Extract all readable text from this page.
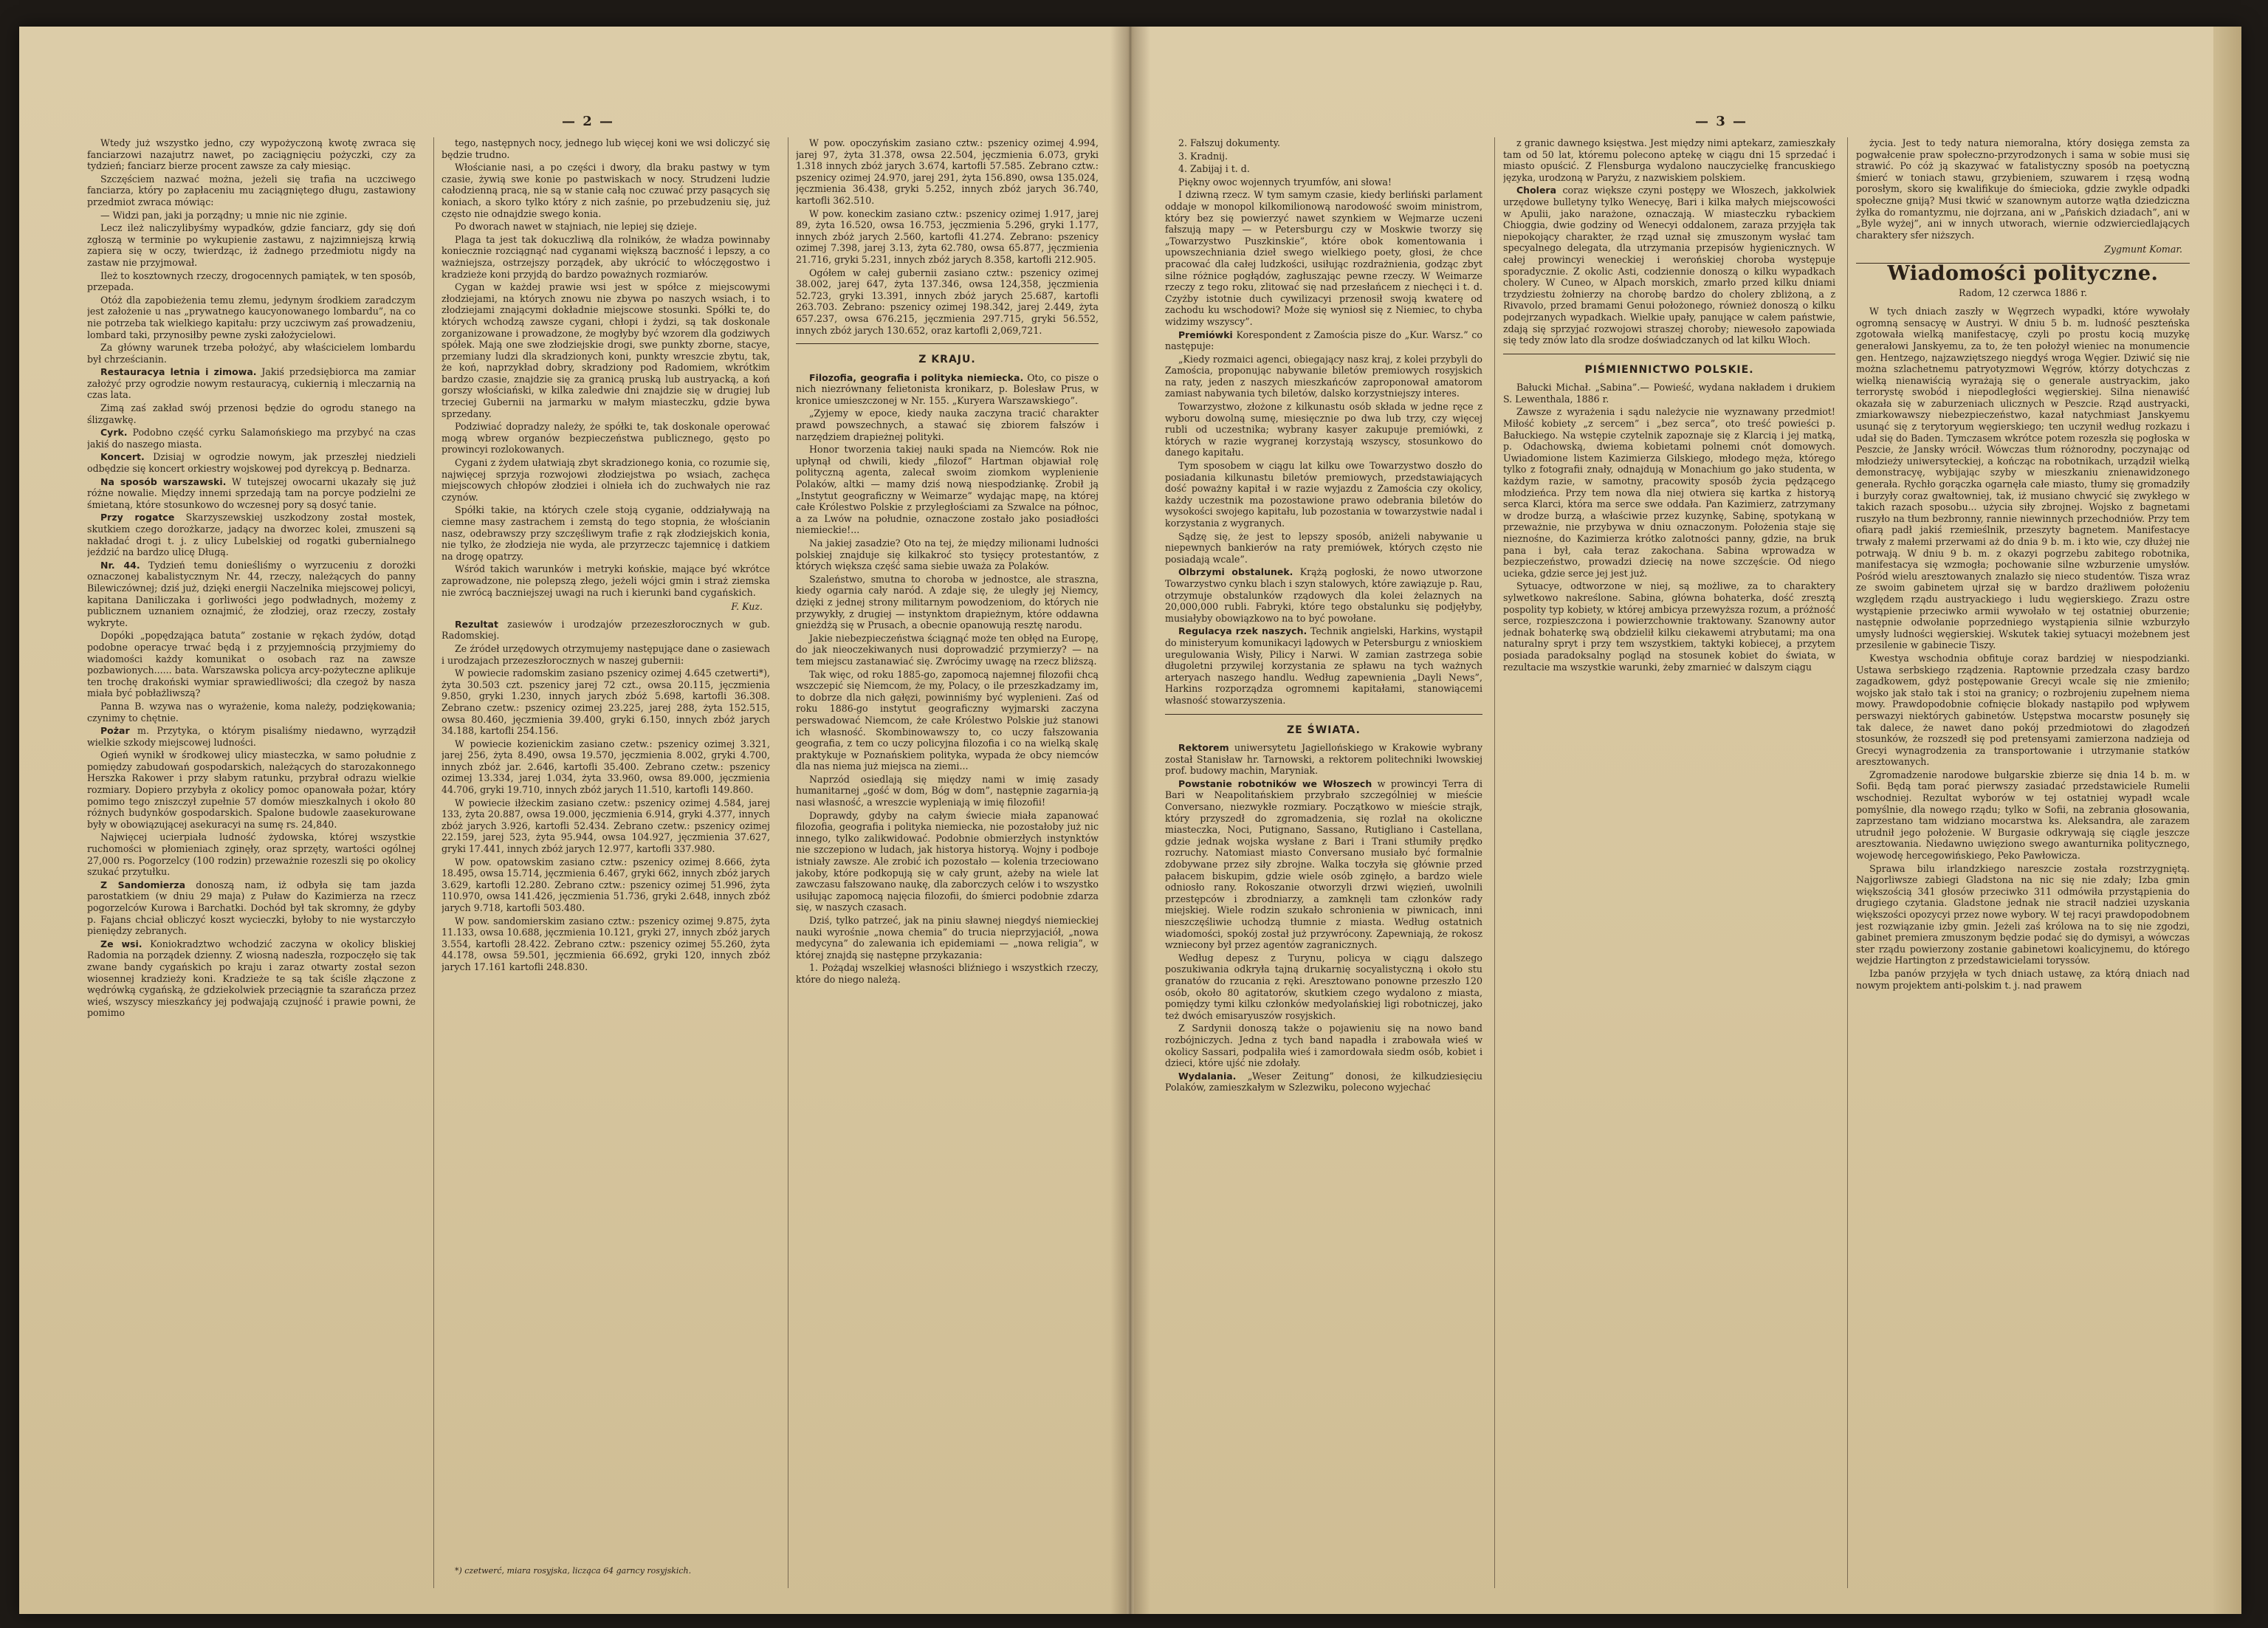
— 2 —

Wtedy już wszystko jedno, czy wypożyczoną kwotę zwraca się fanciarzowi nazajutrz nawet, po zaciągnięciu pożyczki, czy za tydzień; fanciarz bierze procent zawsze za cały miesiąc.

Szczęściem nazwać można, jeżeli się trafia na uczciwego fanciarza, który po zapłaceniu mu zaciągniętego długu, zastawiony przedmiot zwraca mówiąc:

— Widzi pan, jaki ja porządny; u mnie nic nie zginie.

Lecz ileż naliczylibyśmy wypadków, gdzie fanciarz, gdy się doń zgłoszą w terminie po wykupienie zastawu, z najzimniejszą krwią zapiera się w oczy, twierdząc, iż żadnego przedmiotu nigdy na zastaw nie przyjmował.

Ileż to kosztownych rzeczy, drogocennych pamiątek, w ten sposób, przepada.

Otóż dla zapobieżenia temu złemu, jedynym środkiem zaradczym jest założenie u nas „prywatnego kaucyonowanego lombardu”, na co nie potrzeba tak wielkiego kapitału: przy uczciwym zaś prowadzeniu, lombard taki, przynosiłby pewne zyski założycielowi.

Za główny warunek trzeba położyć, aby właścicielem lombardu był chrześcianin.

Restauracya letnia i zimowa. Jakiś przedsiębiorca ma zamiar założyć przy ogrodzie nowym restauracyą, cukiernią i mleczarnią na czas lata.

Zimą zaś zakład swój przenosi będzie do ogrodu stanego na ślizgawkę.

Cyrk. Podobno część cyrku Salamońskiego ma przybyć na czas jakiś do naszego miasta.

Koncert. Dzisiaj w ogrodzie nowym, jak przeszłej niedzieli odbędzie się koncert orkiestry wojskowej pod dyrekcyą p. Bednarza.

Na sposób warszawski. W tutejszej owocarni ukazały się już różne nowalie. Między innemi sprzedają tam na porcye podzielni ze śmietaną, które stosunkowo do wczesnej pory są dosyć tanie.

Przy rogatce Skarzyszewskiej uszkodzony został mostek, skutkiem czego dorożkarze, jadący na dworzec kolei, zmuszeni są nakładać drogi t. j. z ulicy Lubelskiej od rogatki gubernialnego jeździć na bardzo ulicę Długą.

Nr. 44. Tydzień temu donieśliśmy o wyrzuceniu z dorożki oznaczonej kabalistycznym Nr. 44, rzeczy, należących do panny Bilewiczównej; dziś już, dzięki energii Naczelnika miejscowej policyi, kapitana Daniliczaka i gorliwości jego podwładnych, możemy z publicznem uznaniem oznajmić, że złodziej, oraz rzeczy, zostały wykryte.

Dopóki „popędzająca batuta” zostanie w rękach żydów, dotąd podobne operacye trwać będą i z przyjemnością przyjmiemy do wiadomości każdy komunikat o osobach raz na zawsze pozbawionych...... bata. Warszawska policya arcy-pożyteczne aplikuje ten trochę drakoński wymiar sprawiedliwości; dla czegoż by nasza miała być pobłażliwszą?

Panna B. wzywa nas o wyrażenie, koma należy, podziękowania; czynimy to chętnie.

Pożar m. Przytyka, o którym pisaliśmy niedawno, wyrządził wielkie szkody miejscowej ludności.

Ogień wynikł w środkowej ulicy miasteczka, w samo południe z pomiędzy zabudowań gospodarskich, należących do starozakonnego Herszka Rakower i przy słabym ratunku, przybrał odrazu wielkie rozmiary. Dopiero przybyła z okolicy pomoc opanowała pożar, który pomimo tego zniszczył zupełnie 57 domów mieszkalnych i około 80 różnych budynków gospodarskich. Spalone budowle zaasekurowane były w obowiązującej asekuracyi na sumę rs. 24,840.

Najwięcej ucierpiała ludność żydowska, której wszystkie ruchomości w płomieniach zginęły, oraz sprzęty, wartości ogólnej 27,000 rs. Pogorzelcy (100 rodzin) przeważnie rozeszli się po okolicy szukać przytułku.

Z Sandomierza donoszą nam, iż odbyła się tam jazda parostatkiem (w dniu 29 maja) z Puław do Kazimierza na rzecz pogorzelców Kurowa i Barchatki. Dochód był tak skromny, że gdyby p. Fajans chciał obliczyć koszt wycieczki, byłoby to nie wystarczyło pieniędzy zebranych.

Ze wsi. Koniokradztwo wchodzić zaczyna w okolicy bliskiej Radomia na porządek dzienny. Z wiosną nadeszła, rozpoczęło się tak zwane bandy cygańskich po kraju i zaraz otwarty został sezon wiosennej kradzieży koni. Kradzieże te są tak ściśle złączone z wędrówką cygańską, że gdziekolwiek przeciągnie ta szarańcza przez wieś, wszyscy mieszkańcy jej podwajają czujność i prawie powni, że pomimo

tego, następnych nocy, jednego lub więcej koni we wsi doliczyć się będzie trudno.

Włościanie nasi, a po części i dwory, dla braku pastwy w tym czasie, żywią swe konie po pastwiskach w nocy. Strudzeni ludzie całodzienną pracą, nie są w stanie całą noc czuwać przy pasących się koniach, a skoro tylko który z nich zaśnie, po przebudzeniu się, już często nie odnajdzie swego konia.

Po dworach nawet w stajniach, nie lepiej się dzieje.

Plaga ta jest tak dokuczliwą dla rolników, że władza powinnaby koniecznie rozciągnąć nad cyganami większą baczność i lepszy, a co ważniejsza, ostrzejszy porządek, aby ukrócić to włóczęgostwo i kradzieże koni przyjdą do bardzo poważnych rozmiarów.

Cygan w każdej prawie wsi jest w spółce z miejscowymi złodziejami, na których znowu nie zbywa po naszych wsiach, i to złodziejami znającymi dokładnie miejscowe stosunki. Spółki te, do których wchodzą zawsze cygani, chłopi i żydzi, są tak doskonale zorganizowane i prowadzone, że mogłyby być wzorem dla godziwych spółek. Mają one swe złodziejskie drogi, swe punkty zborne, stacye, przemiany ludzi dla skradzionych koni, punkty wreszcie zbytu, tak, że koń, naprzykład dobry, skradziony pod Radomiem, wkrótkim bardzo czasie, znajdzie się za granicą pruską lub austryacką, a koń gorszy włościański, w kilka zaledwie dni znajdzie się w drugiej lub trzeciej Gubernii na jarmarku w małym miasteczku, gdzie bywa sprzedany.

Podziwiać dopradzy należy, że spółki te, tak doskonale operować mogą wbrew organów bezpieczeństwa publicznego, gęsto po prowincyi rozlokowanych.

Cygani z żydem ułatwiają zbyt skradzionego konia, co rozumie się, najwięcej sprzyja rozwojowi złodziejstwa po wsiach, zachęca miejscowych chłopów złodziei i olnieła ich do zuchwałych nie raz czynów.

Spółki takie, na których czele stoją cyganie, oddziaływają na ciemne masy zastrachem i zemstą do tego stopnia, że włościanin nasz, odebrawszy przy szczęśliwym trafie z rąk złodziejskich konia, nie tylko, że złodzieja nie wyda, ale przyrzeczc tajemnicę i datkiem na drogę opatrzy.

Wśród takich warunków i metryki końskie, mające być wkrótce zaprowadzone, nie polepszą złego, jeżeli wójci gmin i straż ziemska nie zwrócą baczniejszej uwagi na ruch i kierunki band cygańskich.

F. Kuz.

Rezultat zasiewów i urodzajów przezeszłorocznych w gub. Radomskiej.

Ze źródeł urzędowych otrzymujemy następujące dane o zasiewach i urodzajach przezeszłorocznych w naszej gubernii:

W powiecie radomskim zasiano pszenicy ozimej 4.645 czetwerti*), żyta 30.503 czt. pszenicy jarej 72 czt., owsa 20.115, jęczmienia 9.850, gryki 1.230, innych jarych zbóż 5.698, kartofli 36.308. Zebrano czetw.: pszenicy ozimej 23.225, jarej 288, żyta 152.515, owsa 80.460, jęczmienia 39.400, gryki 6.150, innych zbóż jarych 34.188, kartofli 254.156.

W powiecie kozienickim zasiano czetw.: pszenicy ozimej 3.321, jarej 256, żyta 8.490, owsa 19.570, jęczmienia 8.002, gryki 4.700, innych zbóż jar. 2.646, kartofli 35.400. Zebrano czetw.: pszenicy ozimej 13.334, jarej 1.034, żyta 33.960, owsa 89.000, jęczmienia 44.706, gryki 19.710, innych zbóż jarych 11.510, kartofli 149.860.

W powiecie iłżeckim zasiano czetw.: pszenicy ozimej 4.584, jarej 133, żyta 20.887, owsa 19.000, jęczmienia 6.914, gryki 4.377, innych zbóż jarych 3.926, kartofli 52.434. Zebrano czetw.: pszenicy ozimej 22.159, jarej 523, żyta 95.944, owsa 104.927, jęczmienia 37.627, gryki 17.441, innych zbóż jarych 12.977, kartofli 337.980.

W pow. opatowskim zasiano cztw.: pszenicy ozimej 8.666, żyta 18.495, owsa 15.714, jęczmienia 6.467, gryki 662, innych zbóż jarych 3.629, kartofli 12.280. Zebrano cztw.: pszenicy ozimej 51.996, żyta 110.970, owsa 141.426, jęczmienia 51.736, gryki 2.648, innych zbóż jarych 9.718, kartofli 503.480.

W pow. sandomierskim zasiano cztw.: pszenicy ozimej 9.875, żyta 11.133, owsa 10.688, jęczmienia 10.121, gryki 27, innych zbóż jarych 3.554, kartofli 28.422. Zebrano cztw.: pszenicy ozimej 55.260, żyta 44.178, owsa 59.501, jęczmienia 66.692, gryki 120, innych zbóż jarych 17.161 kartofli 248.830.

W pow. opoczyńskim zasiano cztw.: pszenicy ozimej 4.994, jarej 97, żyta 31.378, owsa 22.504, jęczmienia 6.073, gryki 1.318 innych zbóż jarych 3.674, kartofli 57.585. Zebrano cztw.: pszenicy ozimej 24.970, jarej 291, żyta 156.890, owsa 135.024, jęczmienia 36.438, gryki 5.252, innych zbóż jarych 36.740, kartofli 362.510.

W pow. koneckim zasiano cztw.: pszenicy ozimej 1.917, jarej 89, żyta 16.520, owsa 16.753, jęczmienia 5.296, gryki 1.177, innych zbóż jarych 2.560, kartofli 41.274. Zebrano: pszenicy ozimej 7.398, jarej 3.13, żyta 62.780, owsa 65.877, jęczmienia 21.716, gryki 5.231, innych zbóż jarych 8.358, kartofli 212.905.

Ogółem w całej gubernii zasiano cztw.: pszenicy ozimej 38.002, jarej 647, żyta 137.346, owsa 124,358, jęczmienia 52.723, gryki 13.391, innych zbóż jarych 25.687, kartofli 263.703. Zebrano: pszenicy ozimej 198.342, jarej 2.449, żyta 657.237, owsa 676.215, jęczmienia 297.715, gryki 56.552, innych zbóż jarych 130.652, oraz kartofli 2,069,721.

Z KRAJU.

Filozofia, geografia i polityka niemiecka. Oto, co pisze o nich niezrównany felietonista kronikarz, p. Bolesław Prus, w kronice umieszczonej w Nr. 155. „Kuryera Warszawskiego”.

„Zyjemy w epoce, kiedy nauka zaczyna tracić charakter prawd powszechnych, a stawać się zbiorem fałszów i narzędziem drapieżnej polityki.

Honor tworzenia takiej nauki spada na Niemców. Rok nie upłynął od chwili, kiedy „filozof” Hartman objawiał rolę polityczną agenta, zalecał swoim ziomkom wyplenienie Polaków, altki — mamy dziś nową niespodziankę. Zrobił ją „Instytut geograficzny w Weimarze” wydając mapę, na której całe Królestwo Polskie z przyległościami za Szwalce na północ, a za Lwów na południe, oznaczone zostało jako posiadłości niemieckie!...

Na jakiej zasadzie? Oto na tej, że między milionami ludności polskiej znajduje się kilkakroć sto tysięcy protestantów, z których większa część sama siebie uważa za Polaków.

Szaleństwo, smutna to choroba w jednostce, ale straszna, kiedy ogarnia cały naród. A zdaje się, że uległy jej Niemcy, dzięki z jednej strony militarnym powodzeniom, do których nie przywykły, z drugiej — instynktom drapieżnym, które oddawna gnieżdżą się w Prusach, a obecnie opanowują resztę narodu.

Jakie niebezpieczeństwa ściągnąć może ten obłęd na Europę, do jak nieoczekiwanych nusi doprowadzić przymierzy? — na tem miejscu zastanawiać się. Zwrócimy uwagę na rzecz bliższą.

Tak więc, od roku 1885-go, zapomocą najemnej filozofii chcą wszczepić się Niemcom, że my, Polacy, o ile przeszkadzamy im, to dobrze dla nich gałęzi, powinniśmy być wyplenieni. Zaś od roku 1886-go instytut geograficzny wyjmarski zaczyna perswadować Niemcom, że całe Królestwo Polskie już stanowi ich własność. Skombinowawszy to, co uczy fałszowania geografia, z tem co uczy policyjna filozofia i co na wielką skalę praktykuje w Poznańskiem polityka, wypada że obcy niemców dla nas niema już miejsca na ziemi...

Naprzód osiedlają się między nami w imię zasady humanitarnej „gość w dom, Bóg w dom”, następnie zagarnia-ją nasi własność, a wreszcie wypleniają w imię filozofii!

Doprawdy, gdyby na całym świecie miała zapanować filozofia, geografia i polityka niemiecka, nie pozostałoby już nic innego, tylko zalikwidować. Podobnie obmierzłych instynktów nie szczepiono w ludach, jak historya historyą. Wojny i podboje istniały zawsze. Ale zrobić ich pozostało — kolenia trzeciowano jakoby, które podkopują się w cały grunt, ażeby na wiele lat zawczasu fałszowano naukę, dla zaborczych celów i to wszystko usiłując zapomocą najęcia filozofii, do śmierci podobnie zdarza się, w naszych czasach.

Dziś, tylko patrzeć, jak na piniu sławnej niegdyś niemieckiej nauki wyrośnie „nowa chemia” do trucia nieprzyjaciół, „nowa medycyna” do zalewania ich epidemiami — „nowa religia”, w której znajdą się następne przykazania:

1. Pożądaj wszelkiej własności bliźniego i wszystkich rzeczy, które do niego należą.

*) czetwerć, miara rosyjska, licząca 64 garncy rosyjskich.
— 3 —

2. Fałszuj dokumenty.

3. Kradnij.

4. Zabijaj i t. d.

Piękny owoc wojennych tryumfów, ani słowa!

I dziwną rzecz. W tym samym czasie, kiedy berliński parlament oddaje w monopol kilkomilionową narodowość swoim ministrom, który bez się powierzyć nawet szynkiem w Wejmarze uczeni fałszują mapy — w Petersburgu czy w Moskwie tworzy się „Towarzystwo Puszkinskie”, które obok komentowania i upowszechniania dzieł swego wielkiego poety, głosi, że chce pracować dla całej ludzkości, usiłując rozdrażnienia, godząc zbyt silne różnice pogłądów, zagłuszając pewne rzeczy. W Weimarze rzeczy z tego roku, zlitować się nad przesłańcem z niechęci i t. d. Czyżby istotnie duch cywilizacyi przenosił swoją kwaterę od zachodu ku wschodowi? Może się wyniosł się z Niemiec, to chyba widzimy wszyscy”.

Premiówki Korespondent z Zamościa pisze do „Kur. Warsz.” co następuje:

„Kiedy rozmaici agenci, obiegający nasz kraj, z kolei przybyli do Zamościa, proponując nabywanie biletów premiowych rosyjskich na raty, jeden z naszych mieszkańców zaproponował amatorom zamiast nabywania tych biletów, dalsko korzystniejszy interes.

Towarzystwo, złożone z kilkunastu osób składa w jedne ręce z wyboru dowolną sumę, miesięcznie po dwa lub trzy, czy więcej rubli od uczestnika; wybrany kasyer zakupuje premiówki, z których w razie wygranej korzystają wszyscy, stosunkowo do danego kapitału.

Tym sposobem w ciągu lat kilku owe Towarzystwo doszło do posiadania kilkunastu biletów premiowych, przedstawiających dość poważny kapitał i w razie wyjazdu z Zamościa czy okolicy, każdy uczestnik ma pozostawione prawo odebrania biletów do wysokości swojego kapitału, lub pozostania w towarzystwie nadal i korzystania z wygranych.

Sądzę się, że jest to lepszy sposób, aniżeli nabywanie u niepewnych bankierów na raty premiówek, których często nie posiadają wcale”.

Olbrzymi obstalunek. Krążą pogłoski, że nowo utworzone Towarzystwo cynku blach i szyn stalowych, które zawiązuje p. Rau, otrzymuje obstalunków rządowych dla kolei żelaznych na 20,000,000 rubli. Fabryki, które tego obstalunku się podjęłyby, musiałyby obowiązkowo na to być powołane.

Regulacya rzek naszych. Technik angielski, Harkins, wystąpił do ministeryum komunikacyi lądowych w Petersburgu z wnioskiem uregulowania Wisły, Pilicy i Narwi. W zamian zastrzega sobie długoletni przywilej korzystania ze spławu na tych ważnych arteryach naszego handlu. Według zapewnienia „Dayli News”, Harkins rozporządza ogromnemi kapitałami, stanowiącemi własność stowarzyszenia.

ZE ŚWIATA.

Rektorem uniwersytetu Jagiellońskiego w Krakowie wybrany został Stanisław hr. Tarnowski, a rektorem politechniki lwowskiej prof. budowy machin, Maryniak.

Powstanie robotników we Włoszech w prowincyi Terra di Bari w Neapolitańskiem przybrało szczególniej w mieście Conversano, niezwykłe rozmiary. Początkowo w mieście strajk, który przyszedł do zgromadzenia, się rozlał na okoliczne miasteczka, Noci, Putignano, Sassano, Rutigliano i Castellana, gdzie jednak wojska wysłane z Bari i Trani stłumiły prędko rozruchy. Natomiast miasto Conversano musiało być formalnie zdobywane przez siły zbrojne. Walka toczyła się głównie przed pałacem biskupim, gdzie wiele osób zginęło, a bardzo wiele odniosło rany. Rokoszanie otworzyli drzwi więzień, uwolnili przestępców i zbrodniarzy, a zamknęli tam członków rady miejskiej. Wiele rodzin szukało schronienia w piwnicach, inni nieszczęśliwie uchodzą tłumnie z miasta. Według ostatnich wiadomości, spokój został już przywrócony. Zapewniają, że rokosz wzniecony był przez agentów zagranicznych.

Według depesz z Turynu, policya w ciągu dalszego poszukiwania odkryła tajną drukarnię socyalistyczną i około stu granatów do rzucania z ręki. Aresztowano ponowne przeszło 120 osób, około 80 agitatorów, skutkiem czego wydalono z miasta, pomiędzy tymi kilku członków medyolańskiej ligi robotniczej, jako też dwóch emisaryuszów rosyjskich.

Z Sardynii donoszą także o pojawieniu się na nowo band rozbójniczych. Jedna z tych band napadła i zrabowała wieś w okolicy Sassari, podpaliła wieś i zamordowała siedm osób, kobiet i dzieci, które ujść nie zdołały.

Wydalania. „Weser Zeitung” donosi, że kilkudziesięciu Polaków, zamieszkałym w Szlezwiku, polecono wyjechać

z granic dawnego księstwa. Jest między nimi aptekarz, zamieszkały tam od 50 lat, któremu polecono aptekę w ciągu dni 15 sprzedać i miasto opuścić. Z Flensburga wydalono nauczycielkę francuskiego języka, urodzoną w Paryżu, z nazwiskiem polskiem.

Cholera coraz większe czyni postępy we Włoszech, jakkolwiek urzędowe bulletyny tylko Wenecyę, Bari i kilka małych miejscowości w Apulii, jako narażone, oznaczają. W miasteczku rybackiem Chioggia, dwie godziny od Wenecyi oddalonem, zaraza przyjęła tak niepokojący charakter, że rząd uznał się zmuszonym wysłać tam specyalnego delegata, dla utrzymania przepisów hygienicznych. W całej prowincyi weneckiej i werońskiej choroba występuje sporadycznie. Z okolic Asti, codziennie donoszą o kilku wypadkach cholery. W Cuneo, w Alpach morskich, zmarło przed kilku dniami trzydziestu żołnierzy na chorobę bardzo do cholery zbliżoną, a z Rivavolo, przed bramami Genui położonego, również donoszą o kilku podejrzanych wypadkach. Wielkie upały, panujące w całem państwie, zdają się sprzyjać rozwojowi straszej choroby; niewesoło zapowiada się tedy znów lato dla srodze doświadczanych od lat kilku Włoch.

PIŚMIENNICTWO POLSKIE.

Bałucki Michał. „Sabina”.— Powieść, wydana nakładem i drukiem S. Lewenthala, 1886 r.

Zawsze z wyrażenia i sądu należycie nie wyznawany przedmiot! Miłość kobiety „z sercem” i „bez serca”, oto treść powieści p. Bałuckiego. Na wstępie czytelnik zapoznaje się z Klarcią i jej matką, p. Odachowską, dwiema kobietami polnemi cnót domowych. Uwiadomione listem Kazimierza Gilskiego, młodego męża, którego tylko z fotografii znały, odnajdują w Monachium go jako studenta, w każdym razie, w samotny, pracowity sposób życia pędzącego młodzieńca. Przy tem nowa dla niej otwiera się kartka z historyą serca Klarci, która ma serce swe oddała. Pan Kazimierz, zatrzymany w drodze burzą, a właściwie przez kuzynkę, Sabinę, spotykaną w przeważnie, nie przybywa w dniu oznaczonym. Położenia staje się nieznośne, do Kazimierza krótko zalotności panny, gdzie, na bruk pana i był, cała teraz zakochana. Sabina wprowadza w bezpieczeństwo, prowadzi dziecię na nowe szczęście. Od niego ucieka, gdzie serce jej jest już.

Sytuacye, odtworzone w niej, są możliwe, za to charaktery sylwetkowo nakreślone. Sabina, główna bohaterka, dość zresztą pospolity typ kobiety, w której ambicya przewyższa rozum, a próżność serce, rozpieszczona i powierzchownie traktowany. Szanowny autor jednak bohaterkę swą obdzielił kilku ciekawemi atrybutami; ma ona naturalny spryt i przy tem wszystkiem, taktyki kobiecej, a przytem posiada paradoksalny pogląd na stosunek kobiet do świata, w rezultacie ma wszystkie warunki, żeby zmarnieć w dalszym ciągu

życia. Jest to tedy natura niemoralna, który dosięga zemsta za pogwałcenie praw społeczno-przyrodzonych i sama w sobie musi się strawić. Po cóż ją skazywać w fatalistyczny sposób na poetyczną śmierć w toniach stawu, grzybieniem, szuwarem i rzęsą wodną porosłym, skoro się kwalifikuje do śmiecioka, gdzie zwykle odpadki społeczne gniją? Musi tkwić w szanownym autorze wątła dziedziczna żyłka do romantyzmu, nie dojrzana, ani w „Pańskich dziadach”, ani w „Byle wyżej”, ani w innych utworach, wiernie odzwierciedlających charaktery sfer niższych.

Zygmunt Komar.
Wiadomości polityczne.
Radom, 12 czerwca 1886 r.

W tych dniach zaszły w Węgrzech wypadki, które wywołały ogromną sensacyę w Austryi. W dniu 5 b. m. ludność peszteńska zgotowała wielką manifestacyę, czyli po prostu kocią muzykę generałowi Janskyemu, za to, że ten położył wieniec na monumencie gen. Hentzego, najzawziętszego niegdyś wroga Węgier. Dziwić się nie można szlachetnemu patryotyzmowi Węgrów, którzy dotychczas z wielką nienawiścią wyrażają się o generale austryackim, jako terrorystę swobód i niepodległości węgierskiej. Silna nienawiść okazała się w zaburzeniach ulicznych w Peszcie. Rząd austryacki, zmiarkowawszy niebezpieczeństwo, kazał natychmiast Janskyemu usunąć się z terytoryum węgierskiego; ten uczynił według rozkazu i udał się do Baden. Tymczasem wkrótce potem rozeszła się pogłoska w Peszcie, że Jansky wrócił. Wówczas tłum różnorodny, poczynając od młodzieży uniwersyteckiej, a kończąc na robotnikach, urządził wielką demonstracyę, wybijając szyby w mieszkaniu znienawidzonego generała. Rychło gorączka ogarnęła całe miasto, tłumy się gromadziły i burzyły coraz gwałtowniej, tak, iż musiano chwycić się zwykłego w takich razach sposobu... użycia siły zbrojnej. Wojsko z bagnetami ruszyło na tłum bezbronny, rannie niewinnych przechodniów. Przy tem ofiarą padł jakiś rzemieślnik, przeszyty bagnetem. Manifestacye trwały z małemi przerwami aż do dnia 9 b. m. i kto wie, czy dłużej nie potrwają. W dniu 9 b. m. z okazyi pogrzebu zabitego robotnika, manifestacya się wzmogła; pochowanie silne wzburzenie umysłów. Pośród wielu aresztowanych znalazło się nieco studentów. Tisza wraz ze swoim gabinetem ujrzał się w bardzo drażliwem położeniu względem rządu austryackiego i ludu węgierskiego. Zrazu ostre wystąpienie przeciwko armii wywołało w tej ostatniej oburzenie; następnie odwołanie poprzedniego wystąpienia silnie wzburzyło umysły ludności węgierskiej. Wskutek takiej sytuacyi możebnem jest przesilenie w gabinecie Tiszy.

Kwestya wschodnia obfituje coraz bardziej w niespodzianki. Ustawa serbskiego rządzenia. Raptownie przedzała czasy bardzo zagadkowem, gdyż postępowanie Grecyi wcale się nie zmieniło; wojsko jak stało tak i stoi na granicy; o rozbrojeniu zupełnem niema mowy. Prawdopodobnie cofnięcie blokady nastąpiło pod wpływem perswazyi niektórych gabinetów. Ustępstwa mocarstw posunęły się tak dalece, że nawet dano pokój przedmiotowi do złagodzeń stosunków, że rozszedł się pod pretensyami zamierzona nadzieja od Grecyi wynagrodzenia za transportowanie i utrzymanie statków aresztowanych.

Zgromadzenie narodowe bułgarskie zbierze się dnia 14 b. m. w Sofii. Będą tam porać pierwszy zasiadać przedstawiciele Rumelii wschodniej. Rezultat wyborów w tej ostatniej wypadł wcale pomyślnie, dla nowego rządu; tylko w Sofii, na zebrania głosowania, zaprzestano tam widziano mocarstwa ks. Aleksandra, ale zarazem utrudnił jego położenie. W Burgasie odkrywają się ciągle jeszcze aresztowania. Niedawno uwięziono swego awanturnika politycznego, wojewodę hercegowińskiego, Peko Pawłowicza.

Sprawa bilu irlandzkiego nareszcie została rozstrzygniętą. Najgorliwsze zabiegi Gladstona na nic się nie zdały; Izba gmin większością 341 głosów przeciwko 311 odmówiła przystąpienia do drugiego czytania. Gladstone jednak nie stracił nadziei uzyskania większości opozycyi przez nowe wybory. W tej racyi prawdopodobnem jest rozwiązanie izby gmin. Jeżeli zaś królowa na to się nie zgodzi, gabinet premiera zmuszonym będzie podać się do dymisyi, a wówczas ster rządu powierzony zostanie gabinetowi koalicyjnemu, do którego wejdzie Hartington z przedstawicielami toryssów.

Izba panów przyjęła w tych dniach ustawę, za którą dniach nad nowym projektem anti-polskim t. j. nad prawem
